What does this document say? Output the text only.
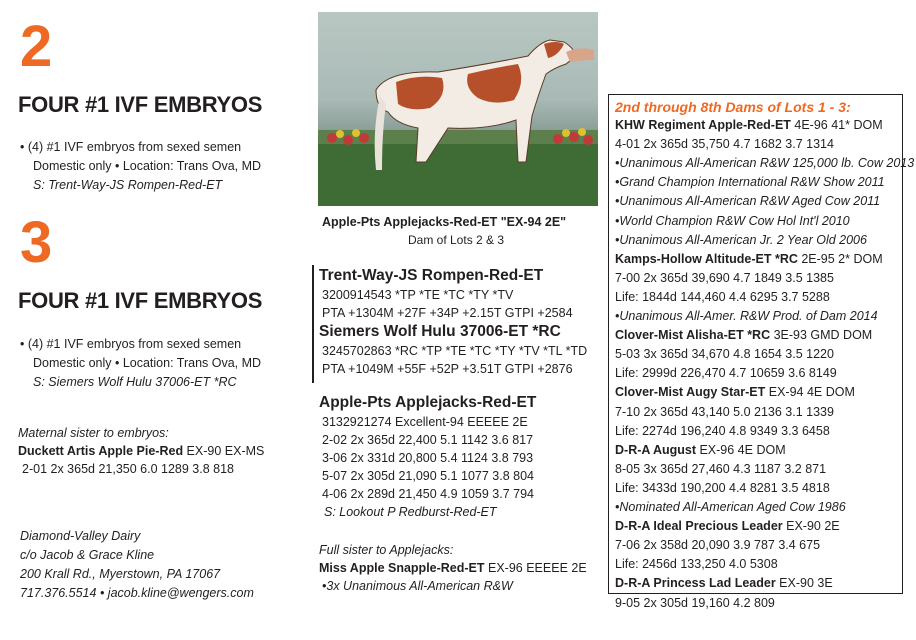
2
FOUR #1 IVF EMBRYOS
• (4) #1 IVF embryos from sexed semen
Domestic only • Location: Trans Ova, MD
S: Trent-Way-JS Rompen-Red-ET
3
FOUR #1 IVF EMBRYOS
• (4) #1 IVF embryos from sexed semen
Domestic only • Location: Trans Ova, MD
S: Siemers Wolf Hulu 37006-ET *RC
Maternal sister to embryos:
Duckett Artis Apple Pie-Red EX-90 EX-MS
2-01 2x 365d 21,350 6.0 1289 3.8 818
Diamond-Valley Dairy
c/o Jacob & Grace Kline
200 Krall Rd., Myerstown, PA 17067
717.376.5514 • jacob.kline@wengers.com
Apple-Pts Applejacks-Red-ET "EX-94 2E"
Dam of Lots 2 & 3
Trent-Way-JS Rompen-Red-ET
3200914543 *TP *TE *TC *TY *TV
PTA +1304M +27F +34P +2.15T GTPI +2584
Siemers Wolf Hulu 37006-ET *RC
3245702863 *RC *TP *TE *TC *TY *TV *TL *TD
PTA +1049M +55F +52P +3.51T GTPI +2876
Apple-Pts Applejacks-Red-ET
3132921274 Excellent-94 EEEEE 2E
2-02 2x 365d 22,400 5.1 1142 3.6 817
3-06 2x 331d 20,800 5.4 1124 3.8 793
5-07 2x 305d 21,090 5.1 1077 3.8 804
4-06 2x 289d 21,450 4.9 1059 3.7 794
S: Lookout P Redburst-Red-ET
Full sister to Applejacks:
Miss Apple Snapple-Red-ET EX-96 EEEEE 2E
•3x Unanimous All-American R&W
2nd through 8th Dams of Lots 1 - 3:
KHW Regiment Apple-Red-ET 4E-96 41* DOM
4-01 2x 365d 35,750 4.7 1682 3.7 1314
•Unanimous All-American R&W 125,000 lb. Cow 2013
•Grand Champion International R&W Show 2011
•Unanimous All-American R&W Aged Cow 2011
•World Champion R&W Cow Hol Int'l 2010
•Unanimous All-American Jr. 2 Year Old 2006
Kamps-Hollow Altitude-ET *RC 2E-95 2* DOM
7-00 2x 365d 39,690 4.7 1849 3.5 1385
Life: 1844d 144,460 4.4 6295 3.7 5288
•Unanimous All-Amer. R&W Prod. of Dam 2014
Clover-Mist Alisha-ET *RC 3E-93 GMD DOM
5-03 3x 365d 34,670 4.8 1654 3.5 1220
Life: 2999d 226,470 4.7 10659 3.6 8149
Clover-Mist Augy Star-ET EX-94 4E DOM
7-10 2x 365d 43,140 5.0 2136 3.1 1339
Life: 2274d 196,240 4.8 9349 3.3 6458
D-R-A August EX-96 4E DOM
8-05 3x 365d 27,460 4.3 1187 3.2 871
Life: 3433d 190,200 4.4 8281 3.5 4818
•Nominated All-American Aged Cow 1986
D-R-A Ideal Precious Leader EX-90 2E
7-06 2x 358d 20,090 3.9 787 3.4 675
Life: 2456d 133,250 4.0 5308
D-R-A Princess Lad Leader EX-90 3E
9-05 2x 305d 19,160 4.2 809
